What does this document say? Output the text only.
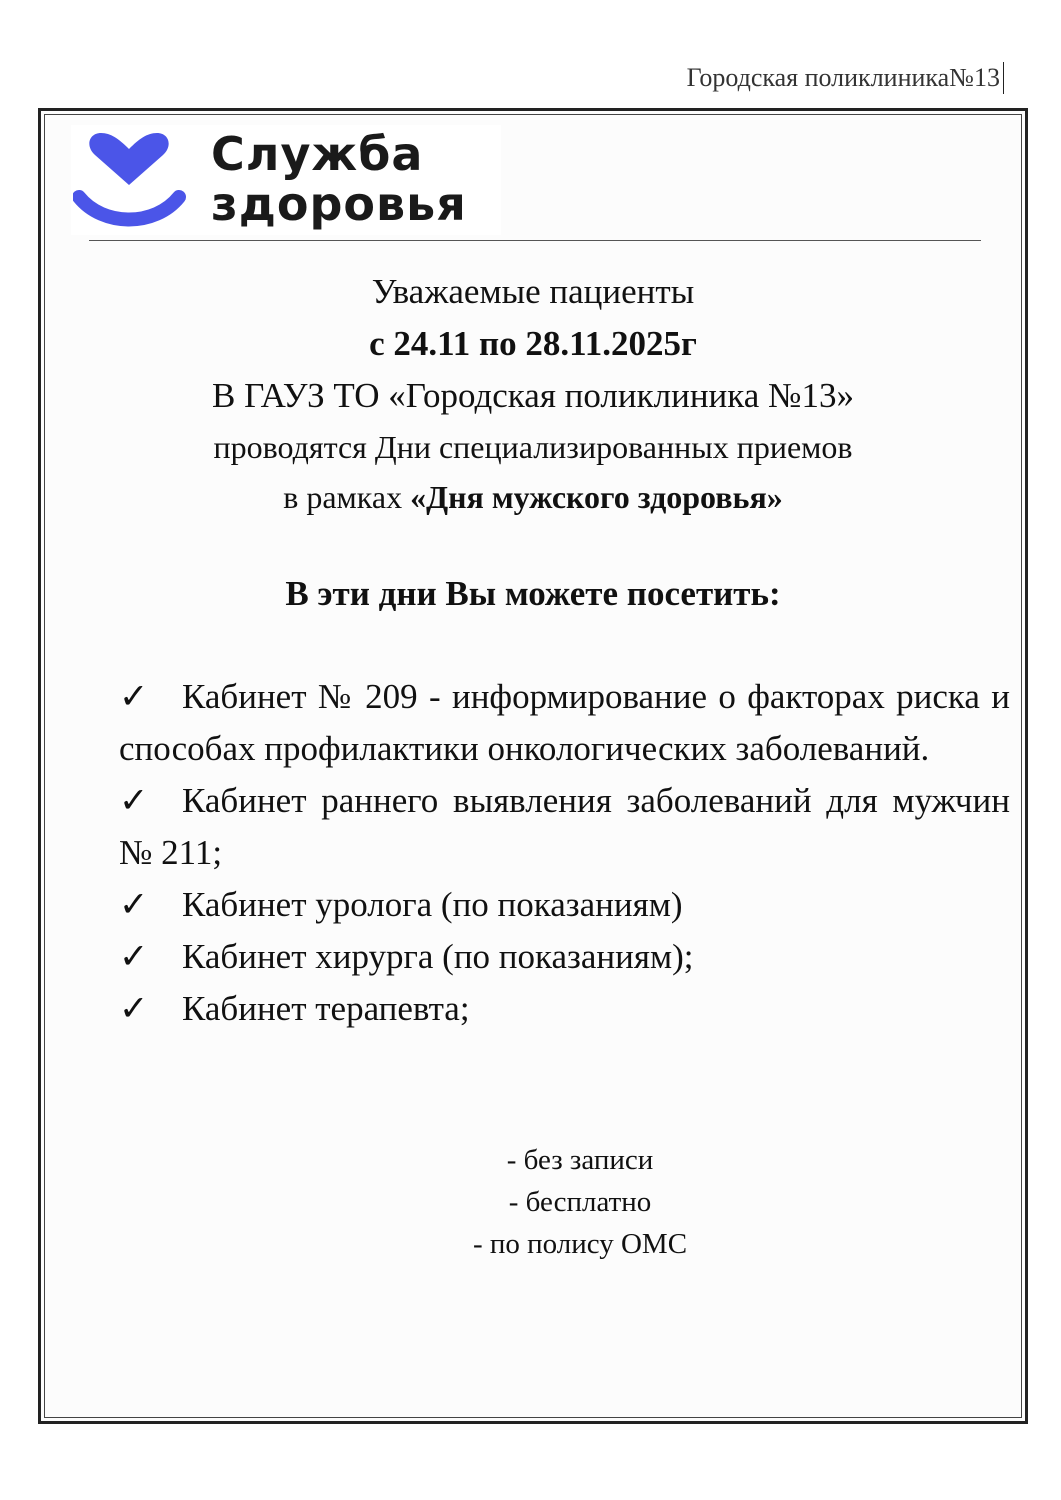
Городская поликлиника№13
Служба
здоровья
Уважаемые пациенты
с 24.11 по 28.11.2025г
В ГАУЗ ТО «Городская поликлиника №13»
проводятся Дни специализированных приемов
в рамках «Дня мужского здоровья»
В эти дни Вы можете посетить:

✓ Кабинет № 209 - информирование о факторах риска и способах профилактики онкологических заболеваний.

✓ Кабинет раннего выявления заболеваний для мужчин № 211;

✓ Кабинет уролога (по показаниям)

✓ Кабинет хирурга (по показаниям);

✓ Кабинет терапевта;

- без записи
- бесплатно
- по полису ОМС
